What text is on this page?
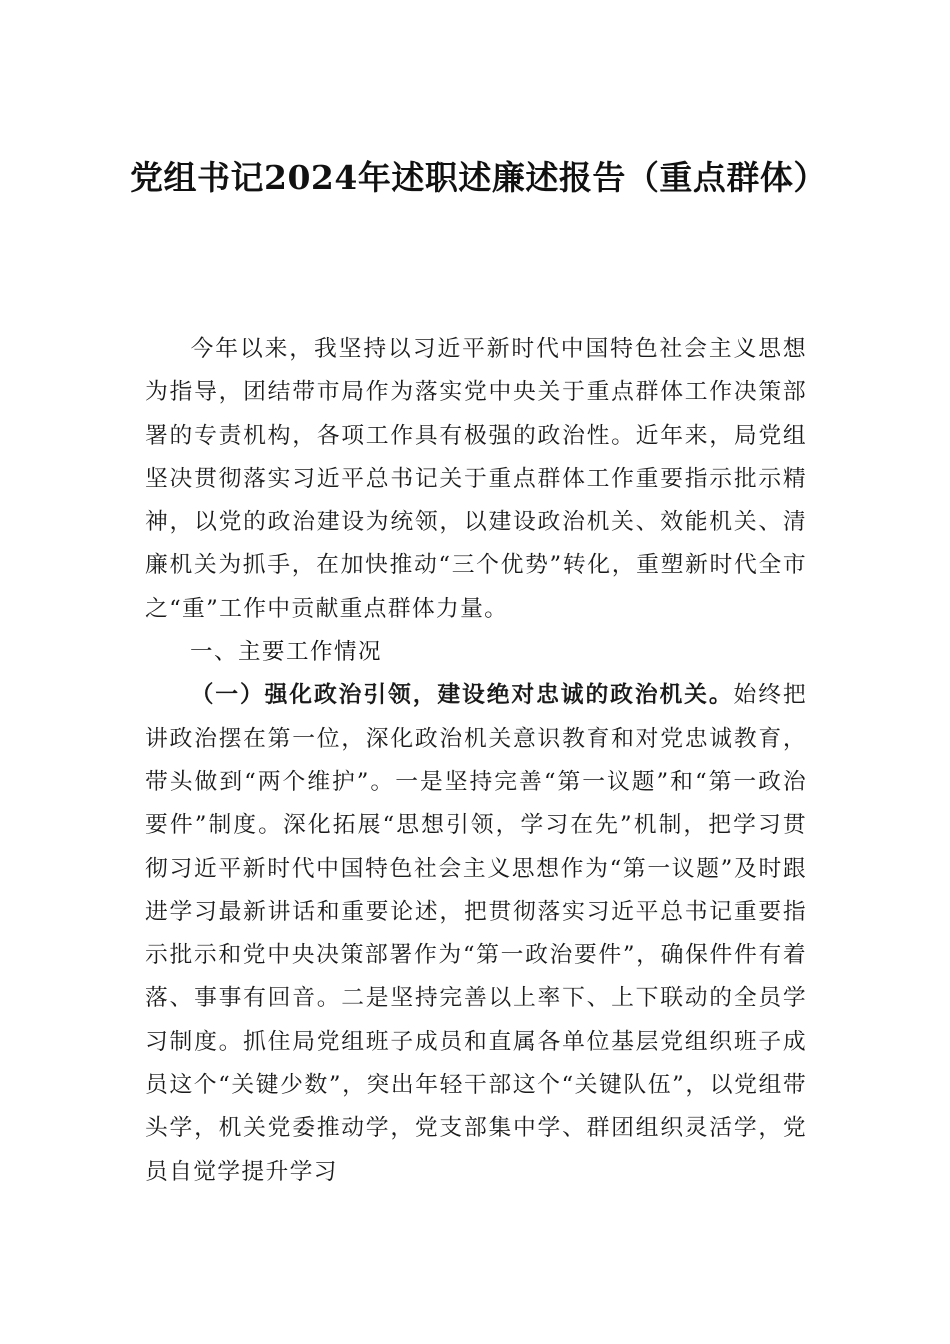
党组书记2024年述职述廉述报告（重点群体）

今年以来，我坚持以习近平新时代中国特色社会主义思想为指导，团结带市局作为落实党中央关于重点群体工作决策部署的专责机构，各项工作具有极强的政治性。近年来，局党组坚决贯彻落实习近平总书记关于重点群体工作重要指示批示精神，以党的政治建设为统领，以建设政治机关、效能机关、清廉机关为抓手，在加快推动“三个优势”转化，重塑新时代全市之“重”工作中贡献重点群体力量。

一、主要工作情况

（一）强化政治引领，建设绝对忠诚的政治机关。始终把讲政治摆在第一位，深化政治机关意识教育和对党忠诚教育，带头做到“两个维护”。一是坚持完善“第一议题”和“第一政治要件”制度。深化拓展“思想引领，学习在先”机制，把学习贯彻习近平新时代中国特色社会主义思想作为“第一议题”及时跟进学习最新讲话和重要论述，把贯彻落实习近平总书记重要指示批示和党中央决策部署作为“第一政治要件”，确保件件有着落、事事有回音。二是坚持完善以上率下、上下联动的全员学习制度。抓住局党组班子成员和直属各单位基层党组织班子成员这个“关键少数”，突出年轻干部这个“关键队伍”，以党组带头学，机关党委推动学，党支部集中学、群团组织灵活学，党员自觉学提升学习
